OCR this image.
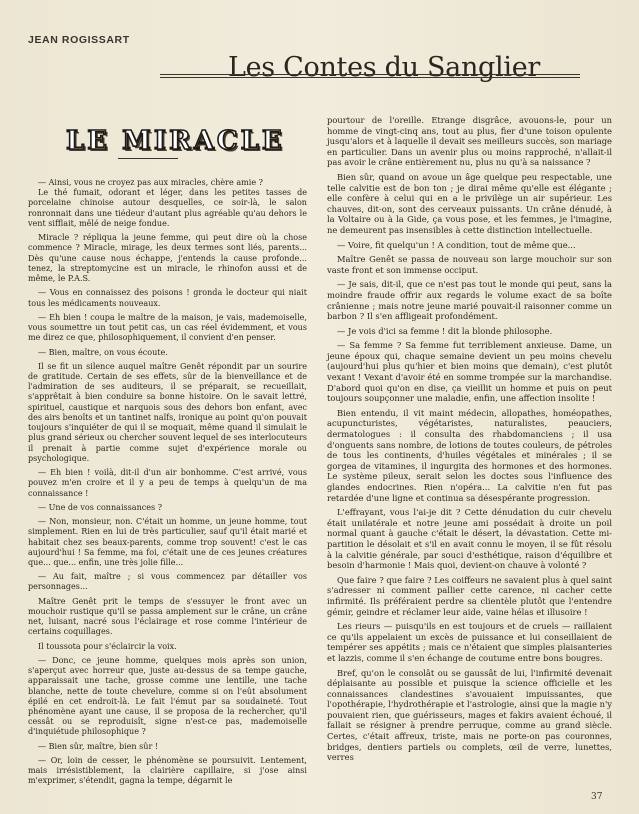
JEAN ROGISSART
Les Contes du Sanglier
LE MIRACLE

— Ainsi, vous ne croyez pas aux miracles, chère amie ?

Le thé fumait, odorant et léger, dans les petites tasses de porcelaine chinoise autour desquelles, ce soir-là, le salon ronronnait dans une tiédeur d'autant plus agréable qu'au dehors le vent sifflait, mêlé de neige fondue.

Miracle ? répliqua la jeune femme, qui peut dire où la chose commence ? Miracle, mirage, les deux termes sont liés, parents... Dès qu'une cause nous échappe, j'entends la cause profonde... tenez, la streptomycine est un miracle, le rhinofon aussi et de même, le P.A.S.

— Vous en connaissez des poisons ! gronda le docteur qui niait tous les médicaments nouveaux.

— Eh bien ! coupa le maître de la maison, je vais, mademoiselle, vous soumettre un tout petit cas, un cas réel évidemment, et vous me direz ce que, philosophiquement, il convient d'en penser.

— Bien, maître, on vous écoute.

Il se fit un silence auquel maître Genêt répondit par un sourire de gratitude. Certain de ses effets, sûr de la bienveillance et de l'admiration de ses auditeurs, il se préparait, se recueillait, s'apprêtait à bien conduire sa bonne histoire. On le savait lettré, spirituel, caustique et narquois sous des dehors bon enfant, avec des airs benoîts et un tantinet naïfs, ironique au point qu'on pouvait toujours s'inquiéter de qui il se moquait, même quand il simulait le plus grand sérieux ou chercher souvent lequel de ses interlocuteurs il prenait à partie comme sujet d'expérience morale ou psychologique.

— Eh bien ! voilà, dit-il d'un air bonhomme. C'est arrivé, vous pouvez m'en croire et il y a peu de temps à quelqu'un de ma connaissance !

— Une de vos connaissances ?

— Non, monsieur, non. C'était un homme, un jeune homme, tout simplement. Rien en lui de très particulier, sauf qu'il était marié et habitait chez ses beaux-parents, comme trop souvent! c'est le cas aujourd'hui ! Sa femme, ma foi, c'était une de ces jeunes créatures que... que... enfin, une très jolie fille...

— Au fait, maître ; si vous commencez par détailler vos personnages...

Maître Genêt prit le temps de s'essuyer le front avec un mouchoir rustique qu'il se passa amplement sur le crâne, un crâne net, luisant, nacré sous l'éclairage et rose comme l'intérieur de certains coquillages.

Il toussota pour s'éclaircir la voix.

— Donc, ce jeune homme, quelques mois après son union, s'aperçut avec horreur que, juste au-dessus de sa tempe gauche, apparaissait une tache, grosse comme une lentille, une tache blanche, nette de toute chevelure, comme si on l'eût absolument épilé en cet endroit-là. Le fait l'émut par sa soudaineté. Tout phénomène ayant une cause, il se proposa de la rechercher, qu'il cessât ou se reproduisît, signe n'est-ce pas, mademoiselle d'inquiétude philosophique ?

— Bien sûr, maître, bien sûr !

— Or, loin de cesser, le phénomène se poursuivit. Lentement, mais irrésistiblement, la clairière capillaire, si j'ose ainsi m'exprimer, s'étendit, gagna la tempe, dégarnit le

pourtour de l'oreille. Etrange disgrâce, avouons-le, pour un homme de vingt-cinq ans, tout au plus, fier d'une toison opulente jusqu'alors et à laquelle il devait ses meilleurs succès, son mariage en particulier. Dans un avenir plus ou moins rapproché, n'allait-il pas avoir le crâne entièrement nu, plus nu qu'à sa naissance ?

Bien sûr, quand on avoue un âge quelque peu respectable, une telle calvitie est de bon ton ; je dirai même qu'elle est élégante ; elle confère à celui qui en a le privilège un air supérieur. Les chauves, dit-on, sont des cerveaux puissants. Un crâne dénudé, à la Voltaire ou à la Gide, ça vous pose, et les femmes, je l'imagine, ne demeurent pas insensibles à cette distinction intellectuelle.

— Voire, fit quelqu'un ! A condition, tout de même que...

Maître Genêt se passa de nouveau son large mouchoir sur son vaste front et son immense occiput.

— Je sais, dit-il, que ce n'est pas tout le monde qui peut, sans la moindre fraude offrir aux regards le volume exact de sa boîte crânienne ; mais notre jeune marié pouvait-il raisonner comme un barbon ? Il s'en affligeait profondément.

— Je vois d'ici sa femme ! dit la blonde philosophe.

— Sa femme ? Sa femme fut terriblement anxieuse. Dame, un jeune époux qui, chaque semaine devient un peu moins chevelu (aujourd'hui plus qu'hier et bien moins que demain), c'est plutôt vexant ! Vexant d'avoir été en somme trompée sur la marchandise. D'abord quoi qu'on en dise, ça vieillit un homme et puis on peut toujours soupçonner une maladie, enfin, une affection insolite !

Bien entendu, il vit maint médecin, allopathes, homéopathes, acupuncturistes, végétaristes, naturalistes, peauciers, dermatologues : il consulta des rhabdomanciens ; il usa d'onguents sans nombre, de lotions de toutes couleurs, de pétroles de tous les continents, d'huiles végétales et minérales ; il se gorgea de vitamines, il ingurgita des hormones et des hormones. Le système pileux, serait selon les doctes sous l'influence des glandes endocrines. Rien n'opéra... La calvitie n'en fut pas retardée d'une ligne et continua sa désespérante progression.

L'effrayant, vous l'ai-je dit ? Cette dénudation du cuir chevelu était unilatérale et notre jeune ami possédait à droite un poil normal quant à gauche c'était le désert, la dévastation. Cette mi-partition le désolait et s'il en avait connu le moyen, il se fût résolu à la calvitie générale, par souci d'esthétique, raison d'équilibre et besoin d'harmonie ! Mais quoi, devient-on chauve à volonté ?

Que faire ? que faire ? Les coiffeurs ne savaient plus à quel saint s'adresser ni comment pallier cette carence, ni cacher cette infirmité. Ils préféraient perdre sa clientèle plutôt que l'entendre gémir, geindre et réclamer leur aide, vaine hélas et illusoire !

Les rieurs — puisqu'ils en est toujours et de cruels — raillaient ce qu'ils appelaient un excès de puissance et lui conseillaient de tempérer ses appétits ; mais ce n'étaient que simples plaisanteries et lazzis, comme il s'en échange de coutume entre bons bougres.

Bref, qu'on le consolât ou se gaussât de lui, l'infirmité devenait déplaisante au possible et puisque la science officielle et les connaissances clandestines s'avouaient impuissantes, que l'opothérapie, l'hydrothérapie et l'astrologie, ainsi que la magie n'y pouvaient rien, que guérisseurs, mages et fakirs avaient échoué, il fallait se résigner à prendre perruque, comme au grand siècle. Certes, c'était affreux, triste, mais ne porte-on pas couronnes, bridges, dentiers partiels ou complets, œil de verre, lunettes, verres

37
